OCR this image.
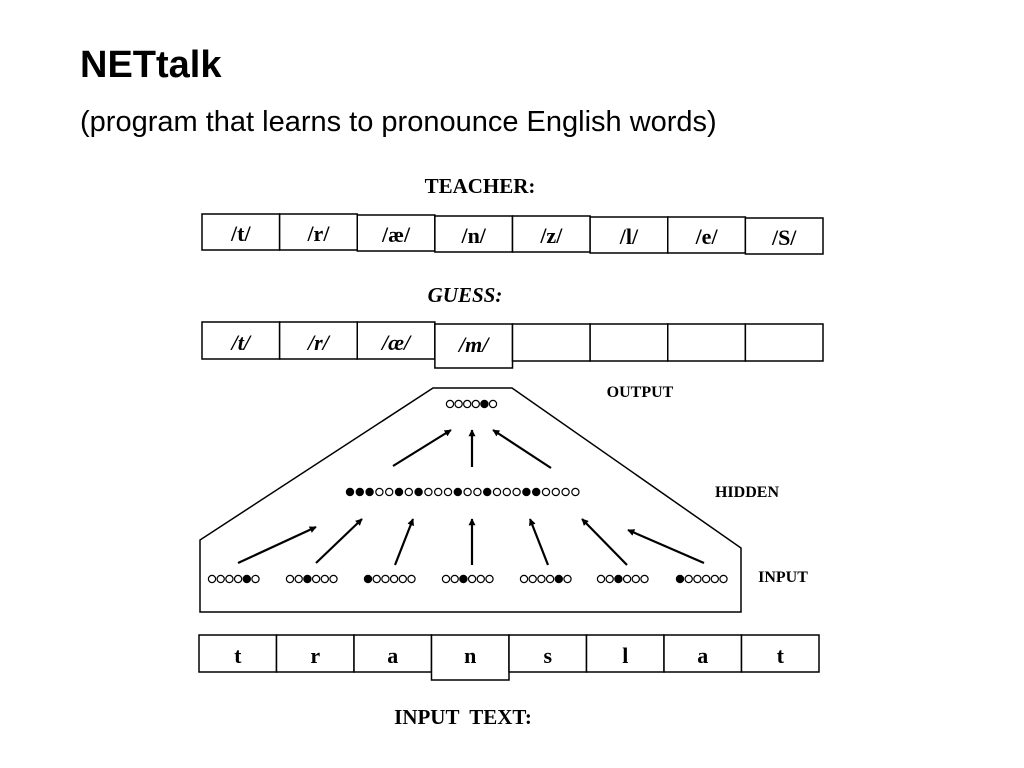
NETtalk

(program that learns to pronounce English words)

TEACHER:
GUESS:
OUTPUT
HIDDEN
INPUT
INPUT  TEXT:
/t/	/r/ /æ/ /n/ /z/	/l/	/e/ /S/
/t/	/r/ /æ/ /m/
t	r	a	n	s	l	a	t
